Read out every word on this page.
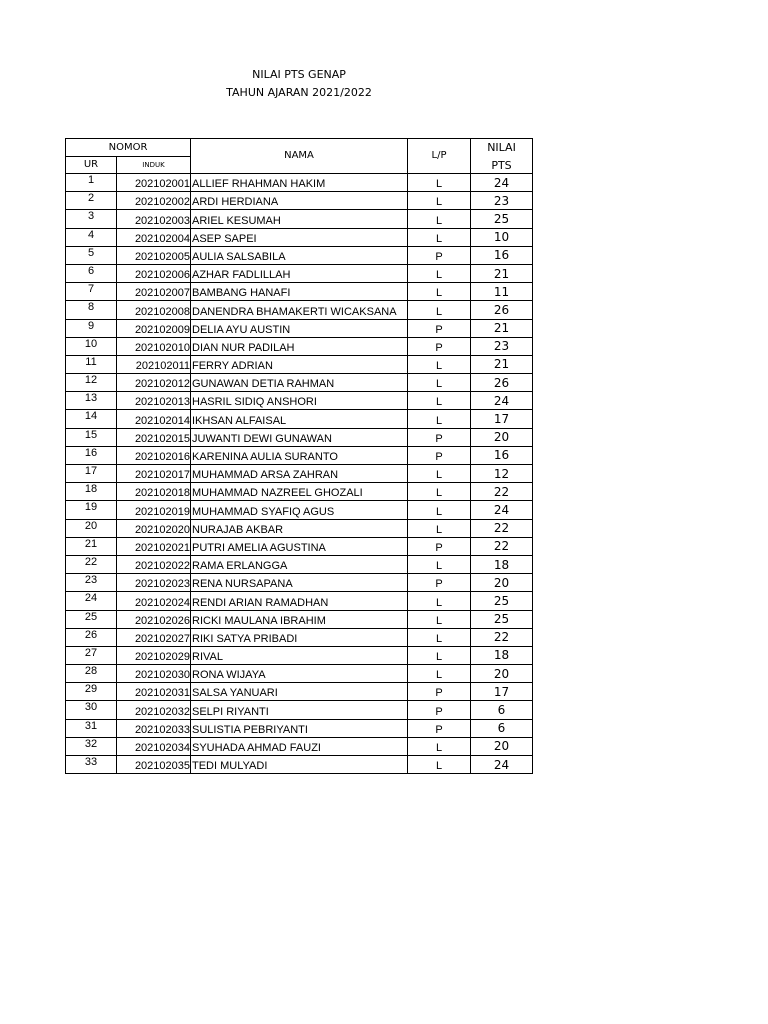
NILAI PTS GENAP
TAHUN AJARAN 2021/2022
NOMOR		NAMA	L/P	NILAI
PTS

UR	INDUK			
1	202102001	ALLIEF RHAHMAN HAKIM	L	24
2	202102002	ARDI HERDIANA	L	23
3	202102003	ARIEL KESUMAH	L	25
4	202102004	ASEP SAPEI	L	10
5	202102005	AULIA SALSABILA	P	16
6	202102006	AZHAR FADLILLAH	L	21
7	202102007	BAMBANG HANAFI	L	11
8	202102008	DANENDRA BHAMAKERTI WICAKSANA	L	26
9	202102009	DELIA AYU AUSTIN	P	21
10	202102010	DIAN NUR PADILAH	P	23
11	202102011	FERRY ADRIAN	L	21
12	202102012	GUNAWAN DETIA RAHMAN	L	26
13	202102013	HASRIL SIDIQ ANSHORI	L	24
14	202102014	IKHSAN ALFAISAL	L	17
15	202102015	JUWANTI DEWI GUNAWAN	P	20
16	202102016	KARENINA AULIA SURANTO	P	16
17	202102017	MUHAMMAD ARSA ZAHRAN	L	12
18	202102018	MUHAMMAD NAZREEL GHOZALI	L	22
19	202102019	MUHAMMAD SYAFIQ AGUS	L	24
20	202102020	NURAJAB AKBAR	L	22
21	202102021	PUTRI AMELIA AGUSTINA	P	22
22	202102022	RAMA ERLANGGA	L	18
23	202102023	RENA NURSAPANA	P	20
24	202102024	RENDI ARIAN RAMADHAN	L	25
25	202102026	RICKI MAULANA IBRAHIM	L	25
26	202102027	RIKI SATYA PRIBADI	L	22
27	202102029	RIVAL	L	18
28	202102030	RONA WIJAYA	L	20
29	202102031	SALSA YANUARI	P	17
30	202102032	SELPI RIYANTI	P	6
31	202102033	SULISTIA PEBRIYANTI	P	6
32	202102034	SYUHADA AHMAD FAUZI	L	20
33	202102035	TEDI MULYADI	L	24
